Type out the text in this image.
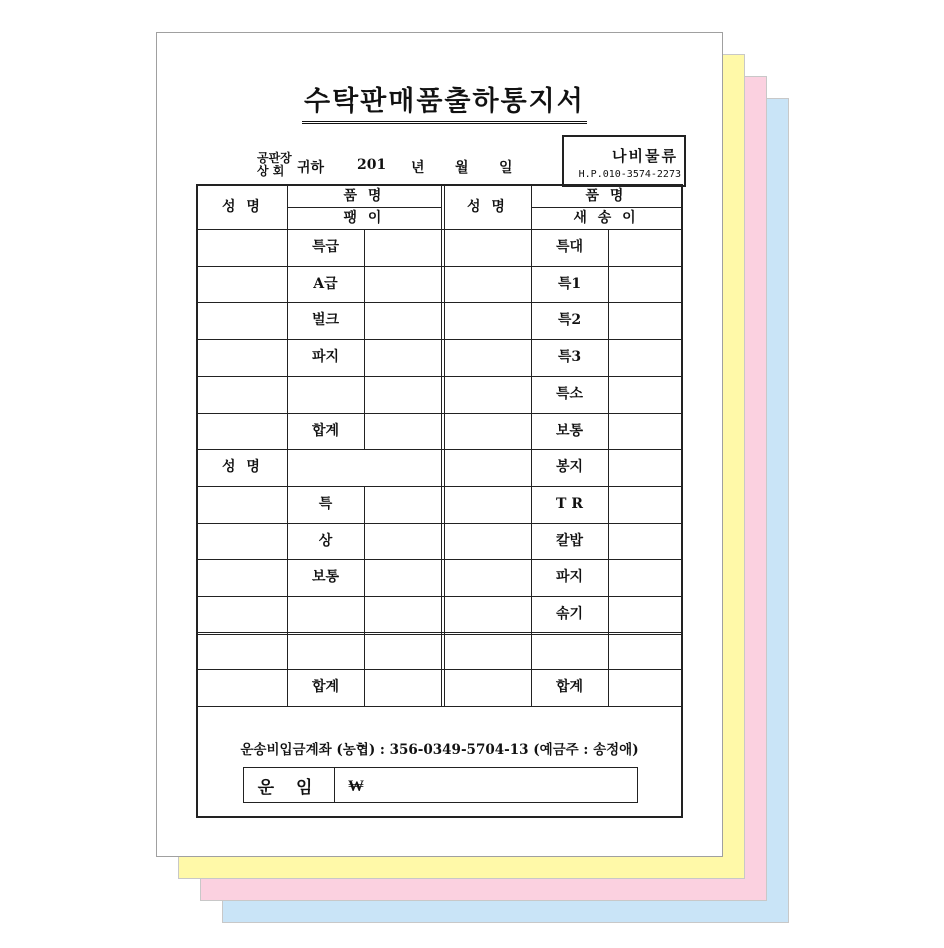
수탁판매품출하통지서
공판장
상 회 귀하 201 년 월 일
나비물류
H.P.010-3574-2273
운송비입금계좌 (농협) : 356-0349-5704-13 (예금주 : 송정애)
운 임	₩
성 명
품 명
팽 이
성 명
품 명
새 송 이
특급
A급
벌크
파지
합계
성 명
특
상
보통
합계
특대
특1
특2
특3
특소
보통
봉지
T R
칼밥
파지
솎기
합계
